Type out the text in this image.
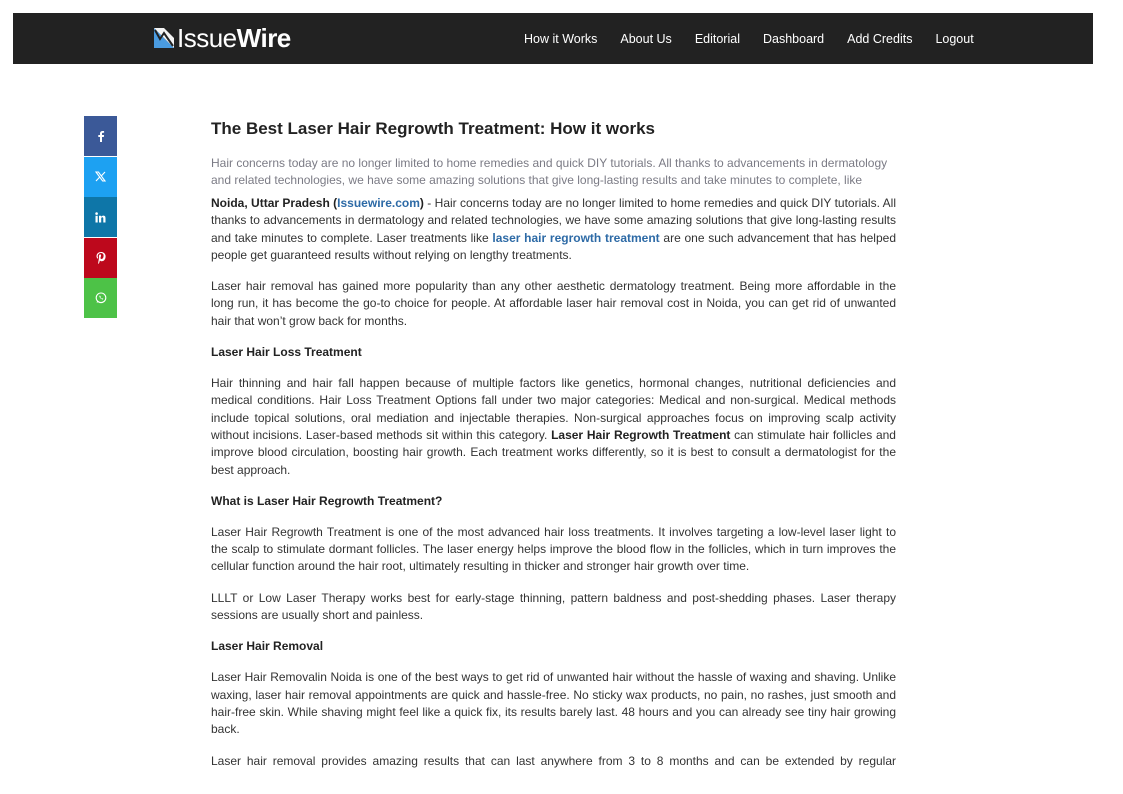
IssueWire	How it Works About Us Editorial Dashboard Add Credits Logout
The Best Laser Hair Regrowth Treatment: How it works
Hair concerns today are no longer limited to home remedies and quick DIY tutorials. All thanks to advancements in dermatology and related technologies, we have some amazing solutions that give long-lasting results and take minutes to complete, like

Noida, Uttar Pradesh (Issuewire.com) - Hair concerns today are no longer limited to home remedies and quick DIY tutorials. All thanks to advancements in dermatology and related technologies, we have some amazing solutions that give long-lasting results and take minutes to complete. Laser treatments like laser hair regrowth treatment are one such advancement that has helped people get guaranteed results without relying on lengthy treatments.

Laser hair removal has gained more popularity than any other aesthetic dermatology treatment. Being more affordable in the long run, it has become the go-to choice for people. At affordable laser hair removal cost in Noida, you can get rid of unwanted hair that won’t grow back for months.

Laser Hair Loss Treatment

Hair thinning and hair fall happen because of multiple factors like genetics, hormonal changes, nutritional deficiencies and medical conditions. Hair Loss Treatment Options fall under two major categories: Medical and non-surgical. Medical methods include topical solutions, oral mediation and injectable therapies. Non-surgical approaches focus on improving scalp activity without incisions. Laser-based methods sit within this category. Laser Hair Regrowth Treatment can stimulate hair follicles and improve blood circulation, boosting hair growth. Each treatment works differently, so it is best to consult a dermatologist for the best approach.

What is Laser Hair Regrowth Treatment?

Laser Hair Regrowth Treatment is one of the most advanced hair loss treatments. It involves targeting a low-level laser light to the scalp to stimulate dormant follicles. The laser energy helps improve the blood flow in the follicles, which in turn improves the cellular function around the hair root, ultimately resulting in thicker and stronger hair growth over time.

LLLT or Low Laser Therapy works best for early-stage thinning, pattern baldness and post-shedding phases. Laser therapy sessions are usually short and painless.

Laser Hair Removal

Laser Hair Removalin Noida is one of the best ways to get rid of unwanted hair without the hassle of waxing and shaving. Unlike waxing, laser hair removal appointments are quick and hassle-free. No sticky wax products, no pain, no rashes, just smooth and hair-free skin. While shaving might feel like a quick fix, its results barely last. 48 hours and you can already see tiny hair growing back.

Laser hair removal provides amazing results that can last anywhere from 3 to 8 months and can be extended by regular
